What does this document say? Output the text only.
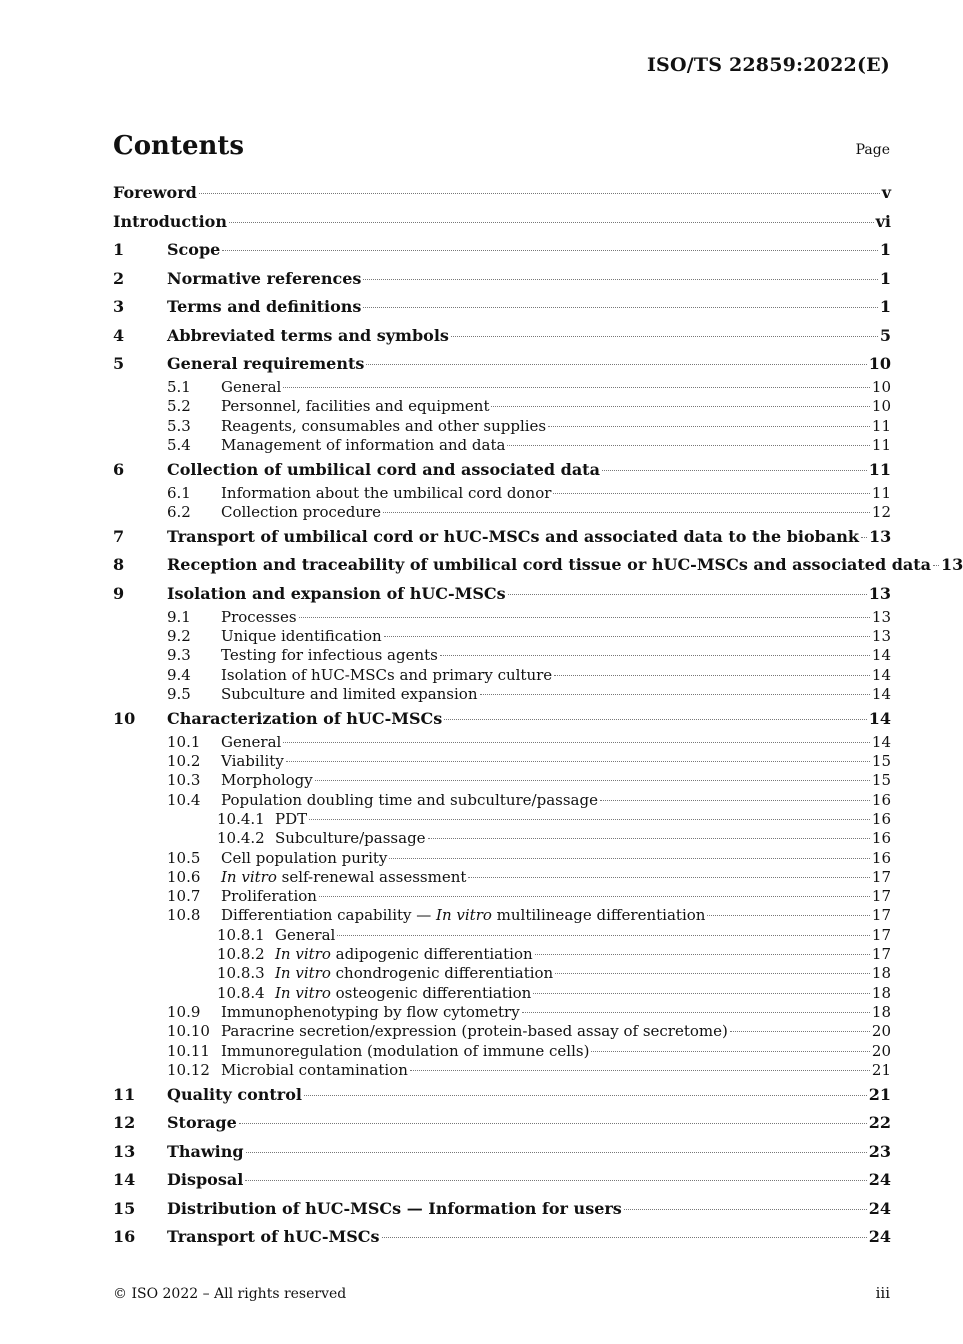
ISO/TS 22859:2022(E)
Contents	Page
Foreword	v
Introduction	vi
1	Scope	1
2	Normative references	1
3	Terms and definitions	1
4	Abbreviated terms and symbols	5
5	General requirements	10
5.1	General	10
5.2	Personnel, facilities and equipment	10
5.3	Reagents, consumables and other supplies	11
5.4	Management of information and data	11
6	Collection of umbilical cord and associated data	11
6.1	Information about the umbilical cord donor	11
6.2	Collection procedure	12
7	Transport of umbilical cord or hUC-MSCs and associated data to the biobank 13
8	Reception and traceability of umbilical cord tissue or hUC-MSCs and associated data 13
9	Isolation and expansion of hUC-MSCs	13
9.1	Processes	13
9.2	Unique identification	13
9.3	Testing for infectious agents	14
9.4	Isolation of hUC-MSCs and primary culture	14
9.5	Subculture and limited expansion	14
10	Characterization of hUC-MSCs	14
10.1	General	14
10.2	Viability	15
10.3	Morphology	15
10.4	Population doubling time and subculture/passage	16
10.4.1 PDT	16
10.4.2 Subculture/passage	16
10.5	Cell population purity	16
10.6	In vitro self-renewal assessment	17
10.7	Proliferation	17
10.8	Differentiation capability — In vitro multilineage differentiation	17
10.8.1 General	17
10.8.2 In vitro adipogenic differentiation	17
10.8.3 In vitro chondrogenic differentiation	18
10.8.4 In vitro osteogenic differentiation	18
10.9	Immunophenotyping by flow cytometry	18
10.10 Paracrine secretion/expression (protein-based assay of secretome)	20
10.11 Immunoregulation (modulation of immune cells)	20
10.12 Microbial contamination	21
11	Quality control	21
12	Storage	22
13	Thawing	23
14	Disposal	24
15	Distribution of hUC-MSCs — Information for users	24
16	Transport of hUC-MSCs	24
© ISO 2022 – All rights reserved	iii
